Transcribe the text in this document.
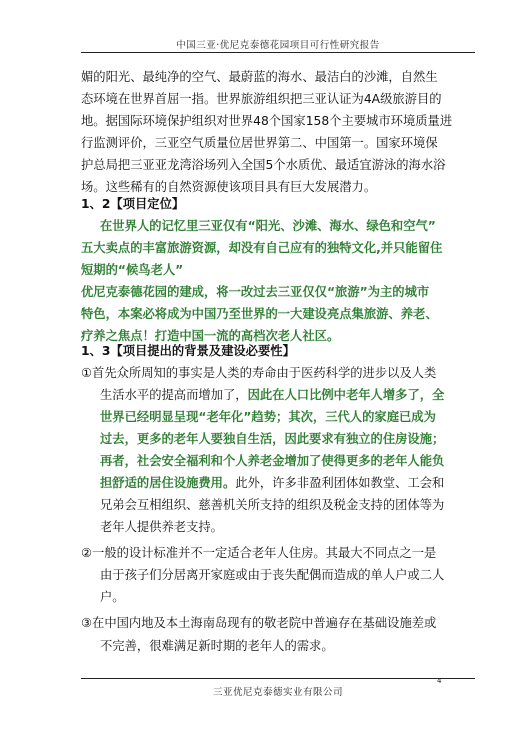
中国三亚·优尼克泰德花园项目可行性研究报告
媚的阳光、最纯净的空气、最蔚蓝的海水、最洁白的沙滩，自然生
态环境在世界首屈一指。世界旅游组织把三亚认证为4A级旅游目的
地。据国际环境保护组织对世界48个国家158个主要城市环境质量进
行监测评价，三亚空气质量位居世界第二、中国第一。国家环境保
护总局把三亚亚龙湾浴场列入全国5个水质优、最适宜游泳的海水浴
场。这些稀有的自然资源使该项目具有巨大发展潜力。
1、2【项目定位】
在世界人的记忆里三亚仅有“阳光、沙滩、海水、绿色和空气”
五大卖点的丰富旅游资源，却没有自己应有的独特文化,并只能留住
短期的“候鸟老人”
优尼克泰德花园的建成，将一改过去三亚仅仅“旅游”为主的城市
特色，本案必将成为中国乃至世界的一大建设亮点集旅游、养老、
疗养之焦点！打造中国一流的高档次老人社区。
1、3【项目提出的背景及建设必要性】
①首先众所周知的事实是人类的寿命由于医药科学的进步以及人类
生活水平的提高而增加了，因此在人口比例中老年人增多了，全
世界已经明显呈现“老年化”趋势；其次，三代人的家庭已成为
过去，更多的老年人要独自生活，因此要求有独立的住房设施；
再者，社会安全福利和个人养老金增加了使得更多的老年人能负
担舒适的居住设施费用。此外，许多非盈利团体如教堂、工会和
兄弟会互相组织、慈善机关所支持的组织及税金支持的团体等为
老年人提供养老支持。
②一般的设计标准并不一定适合老年人住房。其最大不同点之一是
由于孩子们分居离开家庭或由于丧失配偶而造成的单人户或二人
户。
③在中国内地及本土海南岛现有的敬老院中普遍存在基础设施差或
不完善，很难满足新时期的老年人的需求。
三亚优尼克泰德实业有限公司
4
